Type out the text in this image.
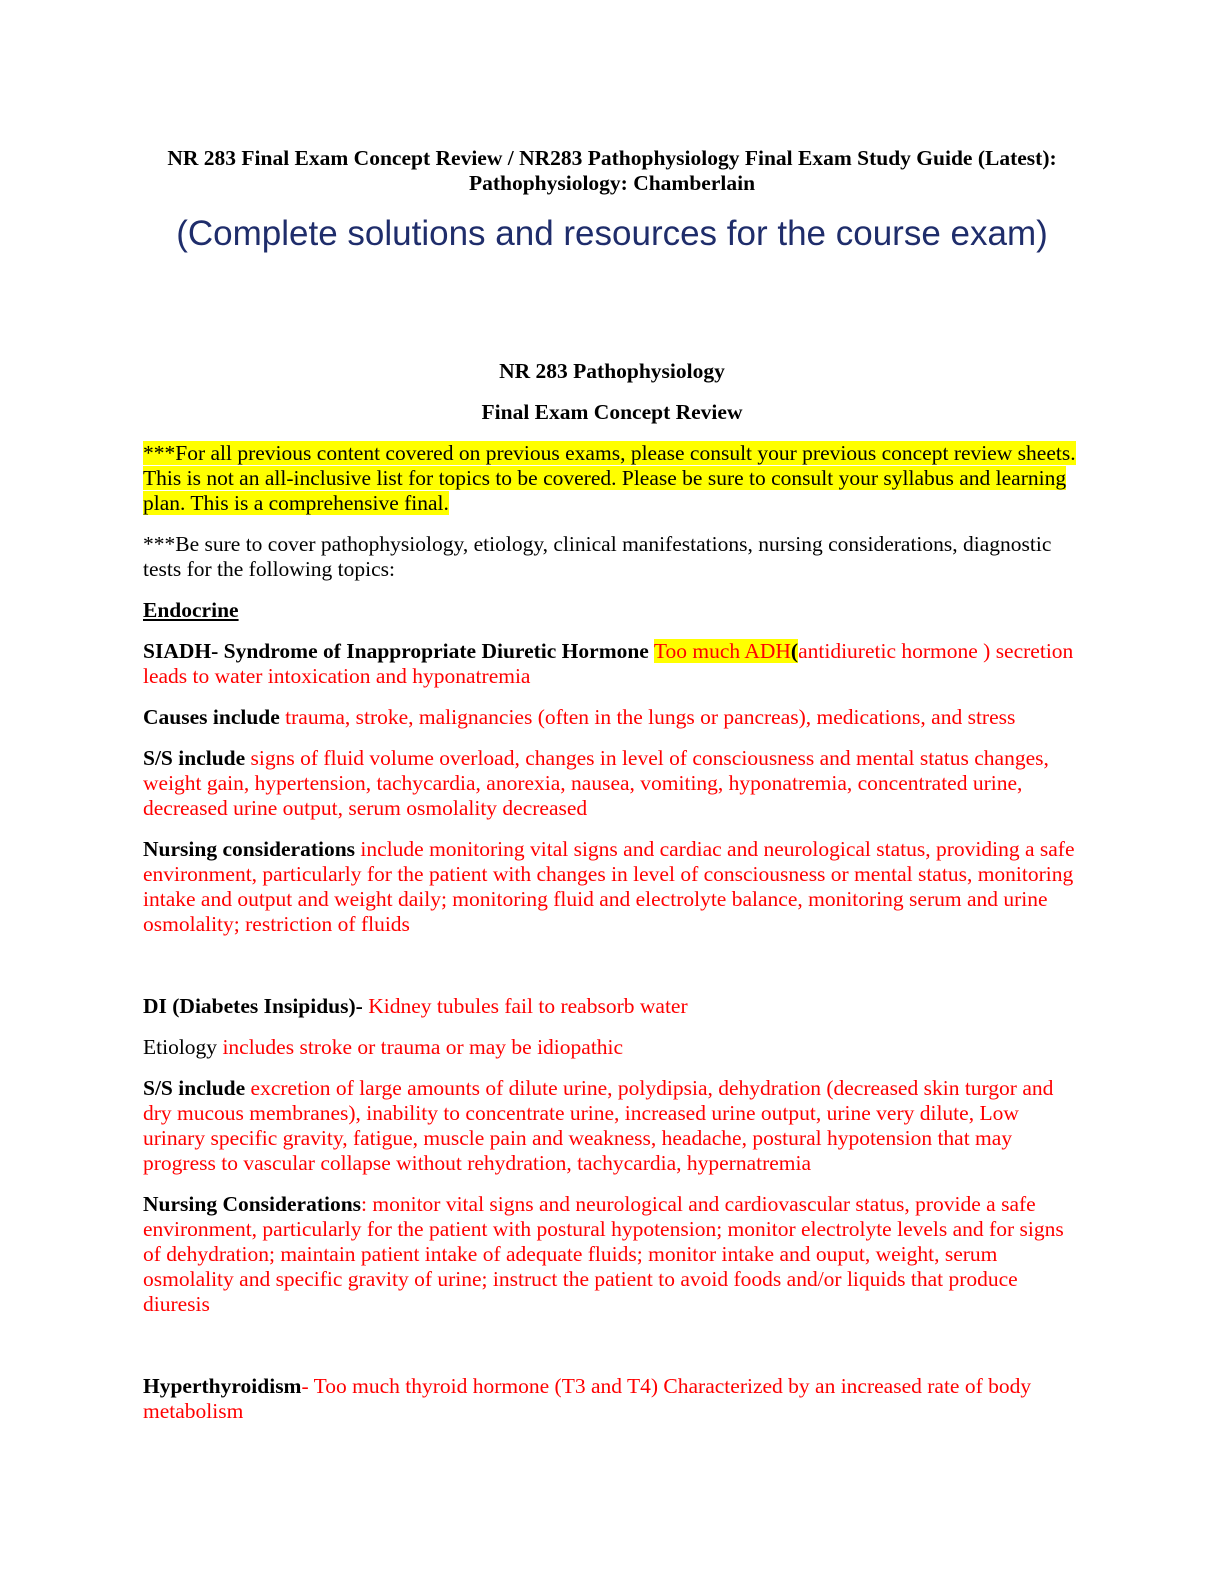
NR 283 Final Exam Concept Review / NR283 Pathophysiology Final Exam Study Guide (Latest):
Pathophysiology: Chamberlain
(Complete solutions and resources for the course exam)
NR 283 Pathophysiology
Final Exam Concept Review
***For all previous content covered on previous exams, please consult your previous concept review sheets. This is not an all-inclusive list for topics to be covered. Please be sure to consult your syllabus and learning plan. This is a comprehensive final.
***Be sure to cover pathophysiology, etiology, clinical manifestations, nursing considerations, diagnostic tests for the following topics:
Endocrine
SIADH- Syndrome of Inappropriate Diuretic Hormone Too much ADH(antidiuretic hormone ) secretion leads to water intoxication and hyponatremia
Causes include trauma, stroke, malignancies (often in the lungs or pancreas), medications, and stress
S/S include signs of fluid volume overload, changes in level of consciousness and mental status changes, weight gain, hypertension, tachycardia, anorexia, nausea, vomiting, hyponatremia, concentrated urine, decreased urine output, serum osmolality decreased
Nursing considerations include monitoring vital signs and cardiac and neurological status, providing a safe environment, particularly for the patient with changes in level of consciousness or mental status, monitoring intake and output and weight daily; monitoring fluid and electrolyte balance, monitoring serum and urine osmolality; restriction of fluids
DI (Diabetes Insipidus)- Kidney tubules fail to reabsorb water
Etiology includes stroke or trauma or may be idiopathic
S/S include excretion of large amounts of dilute urine, polydipsia, dehydration (decreased skin turgor and dry mucous membranes), inability to concentrate urine, increased urine output, urine very dilute, Low urinary specific gravity, fatigue, muscle pain and weakness, headache, postural hypotension that may progress to vascular collapse without rehydration, tachycardia, hypernatremia
Nursing Considerations: monitor vital signs and neurological and cardiovascular status, provide a safe environment, particularly for the patient with postural hypotension; monitor electrolyte levels and for signs of dehydration; maintain patient intake of adequate fluids; monitor intake and ouput, weight, serum osmolality and specific gravity of urine; instruct the patient to avoid foods and/or liquids that produce diuresis
Hyperthyroidism- Too much thyroid hormone (T3 and T4) Characterized by an increased rate of body metabolism
